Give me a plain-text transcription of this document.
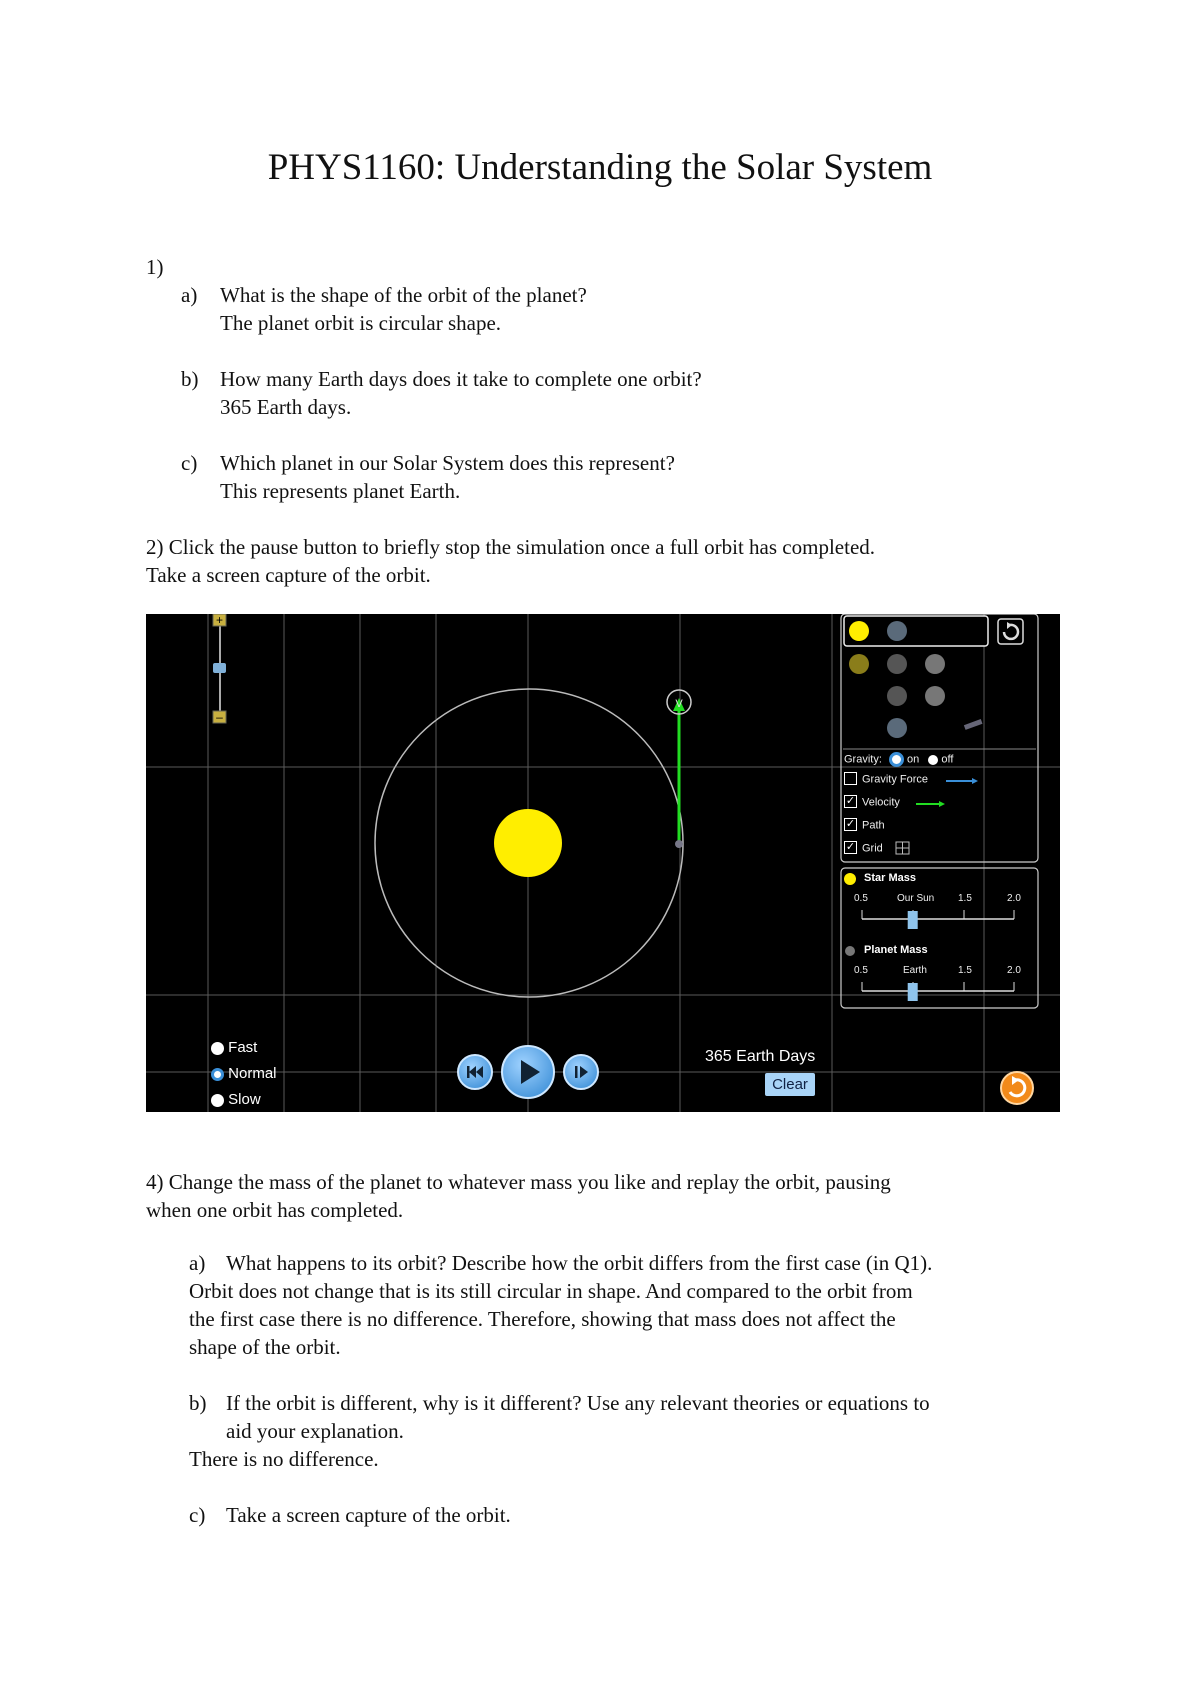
PHYS1160: Understanding the Solar System
1)
a) What is the shape of the orbit of the planet?
The planet orbit is circular shape.
b) How many Earth days does it take to complete one orbit?
365 Earth days.
c) Which planet in our Solar System does this represent?
This represents planet Earth.
2) Click the pause button to briefly stop the simulation once a full orbit has completed.
Take a screen capture of the orbit.
+
–
V
Gravity: on off
Gravity Force
✓ Velocity
✓ Path
✓ Grid
Star Mass
0.5	Our Sun 1.5	2.0
Planet Mass
0.5	Earth	1.5	2.0
Fast
Normal
Slow
365 Earth Days
Clear
4) Change the mass of the planet to whatever mass you like and replay the orbit, pausing
when one orbit has completed.
a) What happens to its orbit? Describe how the orbit differs from the first case (in Q1).
Orbit does not change that is its still circular in shape. And compared to the orbit from
the first case there is no difference. Therefore, showing that mass does not affect the
shape of the orbit.
b) If the orbit is different, why is it different? Use any relevant theories or equations to
aid your explanation.
There is no difference.
c) Take a screen capture of the orbit.
